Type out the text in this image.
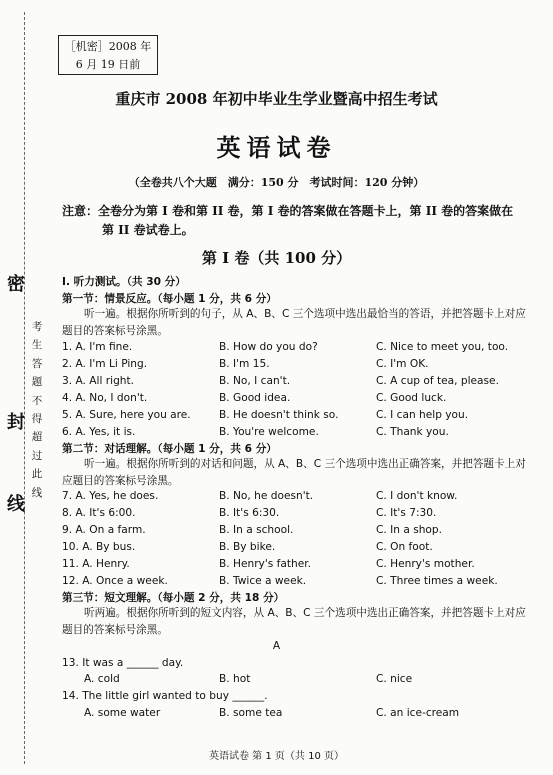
密
封
线
考
生
答
题
不
得
超
过
此
线
［机密］2008 年
6 月 19 日前
重庆市 2008 年初中毕业生学业暨高中招生考试
英语试卷
（全卷共八个大题　满分：150 分　考试时间：120 分钟）
注意：全卷分为第 I 卷和第 II 卷，第 I 卷的答案做在答题卡上，第 II 卷的答案做在
第 II 卷试卷上。
第 I 卷（共 100 分）
I. 听力测试。（共 30 分）
第一节：情景反应。（每小题 1 分，共 6 分）
听一遍。根据你所听到的句子，从 A、B、C 三个选项中选出最恰当的答语，并把答题卡上对应题目的答案标号涂黑。
1. A. I'm fine.	B. How do you do?	C. Nice to meet you, too.
2. A. I'm Li Ping.	B. I'm 15.	C. I'm OK.
3. A. All right.	B. No, I can't.	C. A cup of tea, please.
4. A. No, I don't.	B. Good idea.	C. Good luck.
5. A. Sure, here you are.	B. He doesn't think so.	C. I can help you.
6. A. Yes, it is.	B. You're welcome.	C. Thank you.
第二节：对话理解。（每小题 1 分，共 6 分）
听一遍。根据你所听到的对话和问题，从 A、B、C 三个选项中选出正确答案，并把答题卡上对应题目的答案标号涂黑。
7. A. Yes, he does.	B. No, he doesn't.	C. I don't know.
8. A. It's 6:00.	B. It's 6:30.	C. It's 7:30.
9. A. On a farm.	B. In a school.	C. In a shop.
10. A. By bus.	B. By bike.	C. On foot.
11. A. Henry.	B. Henry's father.	C. Henry's mother.
12. A. Once a week.	B. Twice a week.	C. Three times a week.
第三节：短文理解。（每小题 2 分，共 18 分）
听两遍。根据你所听到的短文内容，从 A、B、C 三个选项中选出正确答案，并把答题卡上对应题目的答案标号涂黑。
A
13. It was a ______ day.
A. cold	B. hot	C. nice
14. The little girl wanted to buy ______.
A. some water	B. some tea	C. an ice-cream
英语试卷 第 1 页（共 10 页）
